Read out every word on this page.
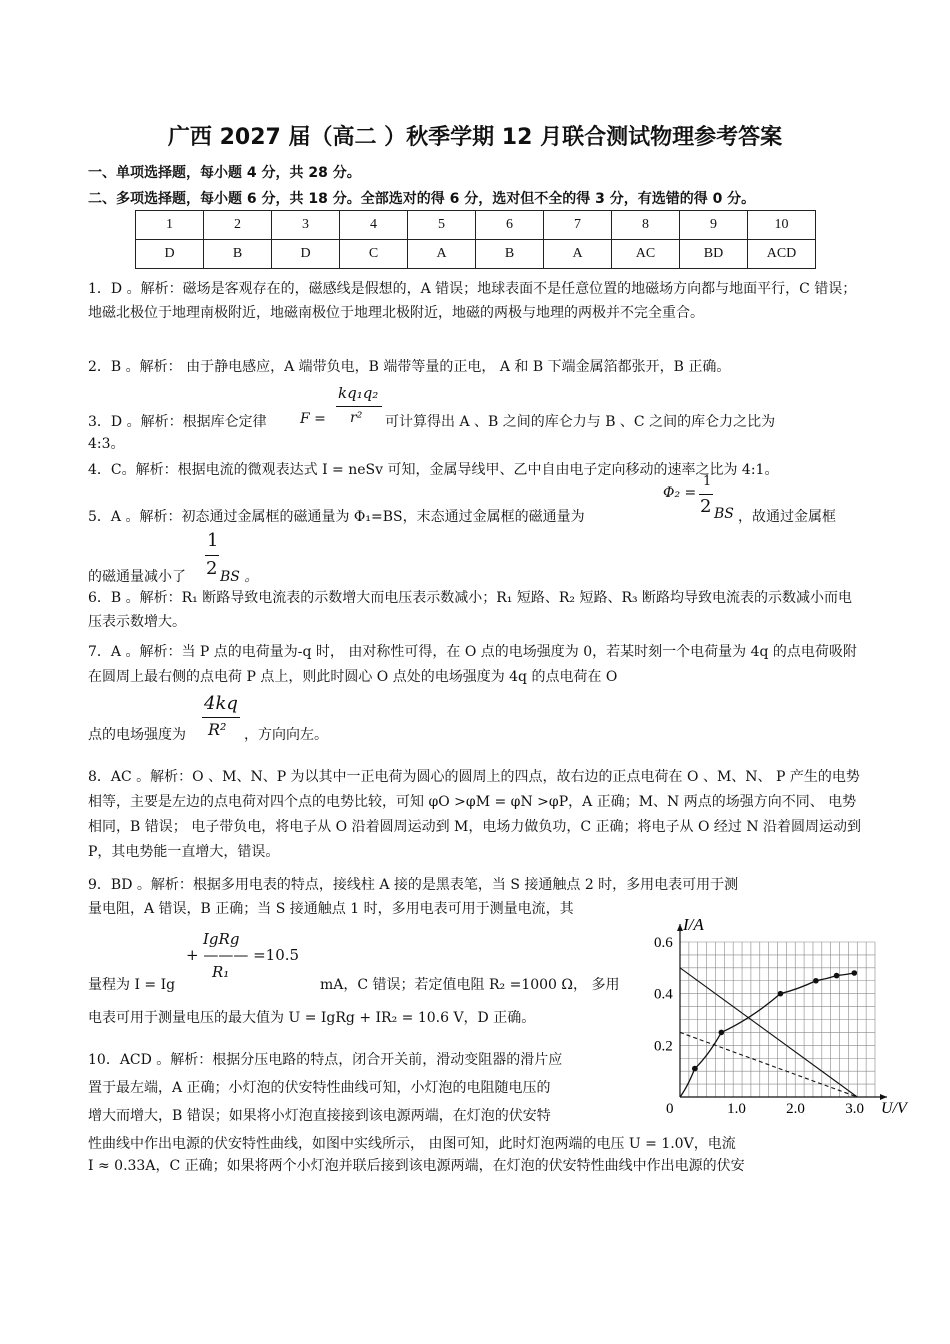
广西 2027 届（高二 ）秋季学期 12 月联合测试物理参考答案
一、单项选择题，每小题 4 分，共 28 分。
二、多项选择题，每小题 6 分，共 18 分。全部选对的得 6 分，选对但不全的得 3 分，有选错的得 0 分。
1	2	3	4	5	6	7	8	9	10
D	B	D	C	A	B	A	AC	BD	ACD
1．D 。解析：磁场是客观存在的，磁感线是假想的，A 错误；地球表面不是任意位置的地磁场方向都与地面平行，C 错误；地磁北极位于地理南极附近，地磁南极位于地理北极附近，地磁的两极与地理的两极并不完全重合。
2．B 。解析： 由于静电感应，A 端带负电，B 端带等量的正电， A 和 B 下端金属箔都张开，B 正确。
3．D 。解析：根据库仑定律 F =
kq₁q₂
r² 可计算得出 A 、B 之间的库仑力与 B 、C 之间的库仑力之比为
4:3。
4．C。解析：根据电流的微观表达式 I = neSv 可知，金属导线甲、乙中自由电子定向移动的速率之比为 4:1。
5．A 。解析：初态通过金属框的磁通量为 Φ₁=BS，末态通过金属框的磁通量为
Φ₂ =
1
2 BS ，故通过金属框
1
2
的磁通量减小了 BS 。
6．B 。解析：R₁ 断路导致电流表的示数增大而电压表示数减小；R₁ 短路、R₂ 短路、R₃ 断路均导致电流表的示数减小而电压表示数增大。
7．A 。解析：当 P 点的电荷量为-q 时， 由对称性可得，在 O 点的电场强度为 0，若某时刻一个电荷量为 4q 的点电荷吸附在圆周上最右侧的点电荷 P 点上，则此时圆心 O 点处的电场强度为 4q 的点电荷在 O
点的电场强度为
4kq
R² ，方向向左。
8．AC 。解析：O 、M、N、P 为以其中一正电荷为圆心的圆周上的四点，故右边的正点电荷在 O 、M、N、 P 产生的电势相等，主要是左边的点电荷对四个点的电势比较，可知 φO >φM = φN >φP，A 正确；M、N 两点的场强方向不同、 电势相同，B 错误； 电子带负电，将电子从 O 沿着圆周运动到 M，电场力做负功，C 正确；将电子从 O 经过 N 沿着圆周运动到 P，其电势能一直增大，错误。
9．BD 。解析：根据多用电表的特点，接线柱 A 接的是黑表笔，当 S 接通触点 2 时，多用电表可用于测
量电阻，A 错误，B 正确；当 S 接通触点 1 时，多用电表可用于测量电流，其
IgRg
+ ——— =10.5
R₁
量程为 I = Ig	mA，C 错误；若定值电阻 R₂ =1000 Ω， 多用
电表可用于测量电压的最大值为 U = IgRg + IR₂ = 10.6 V，D 正确。
10．ACD 。解析：根据分压电路的特点，闭合开关前，滑动变阻器的滑片应
置于最左端，A 正确；小灯泡的伏安特性曲线可知，小灯泡的电阻随电压的
增大而增大，B 错误；如果将小灯泡直接接到该电源两端，在灯泡的伏安特
性曲线中作出电源的伏安特性曲线，如图中实线所示， 由图可知，此时灯泡两端的电压 U = 1.0V，电流
I ≈ 0.33A，C 正确；如果将两个小灯泡并联后接到该电源两端，在灯泡的伏安特性曲线中作出电源的伏安
I/A
U/V
0.2
0.4
0.6
0	1.0	2.0	3.0
